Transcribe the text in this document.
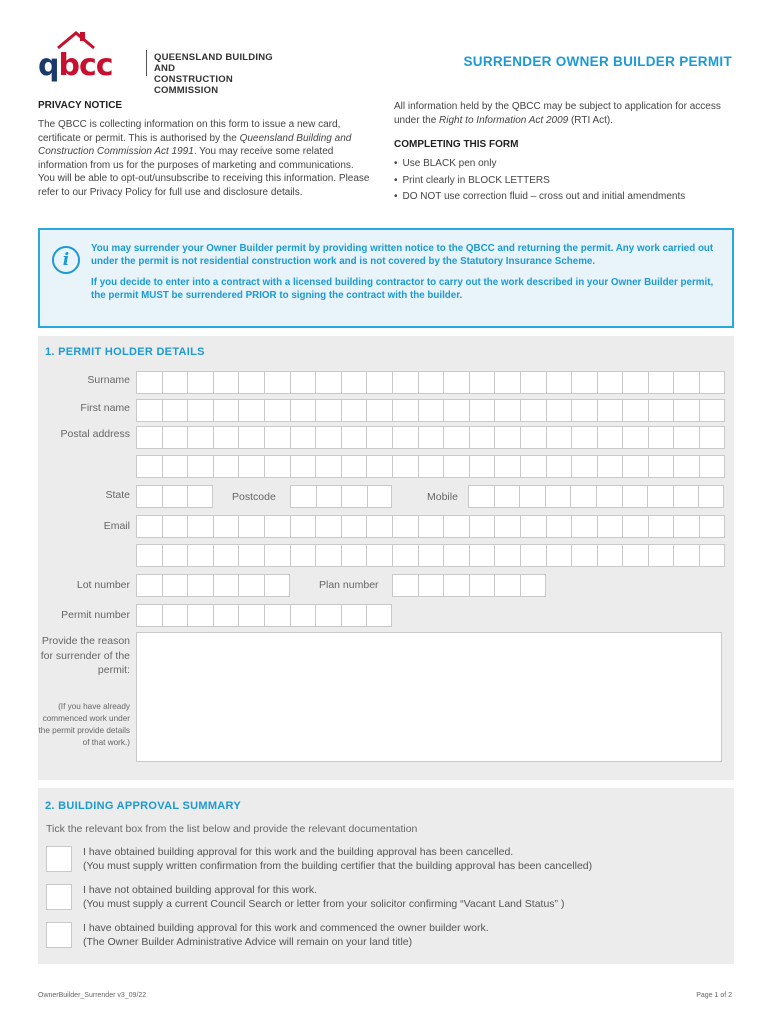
qbcc	QUEENSLAND BUILDING AND
CONSTRUCTION COMMISSION
SURRENDER OWNER BUILDER PERMIT
PRIVACY NOTICE

The QBCC is collecting information on this form to issue a new card, certificate or permit. This is authorised by the Queensland Building and Construction Commission Act 1991. You may receive some related information from us for the purposes of marketing and communications. You will be able to opt-out/unsubscribe to receiving this information. Please refer to our Privacy Policy for full use and disclosure details.

All information held by the QBCC may be subject to application for access under the Right to Information Act 2009 (RTI Act).

COMPLETING THIS FORM
• Use BLACK pen only
• Print clearly in BLOCK LETTERS
• DO NOT use correction fluid – cross out and initial amendments
i

You may surrender your Owner Builder permit by providing written notice to the QBCC and returning the permit. Any work carried out under the permit is not residential construction work and is not covered by the Statutory Insurance Scheme.

If you decide to enter into a contract with a licensed building contractor to carry out the work described in your Owner Builder permit, the permit MUST be surrendered PRIOR to signing the contract with the builder.

1. PERMIT HOLDER DETAILS
Surname
First name
Postal address
State	Postcode	Mobile
Email
Lot number	Plan number
Permit number
Provide the reason for surrender of the permit:
(If you have already commenced work under the permit provide details of that work.)
2. BUILDING APPROVAL SUMMARY
Tick the relevant box from the list below and provide the relevant documentation
I have obtained building approval for this work and the building approval has been cancelled.
(You must supply written confirmation from the building certifier that the building approval has been cancelled)
I have not obtained building approval for this work.
(You must supply a current Council Search or letter from your solicitor confirming “Vacant Land Status” )
I have obtained building approval for this work and commenced the owner builder work.
(The Owner Builder Administrative Advice will remain on your land title)
OwnerBuilder_Surrender v3_09/22	Page 1 of 2
